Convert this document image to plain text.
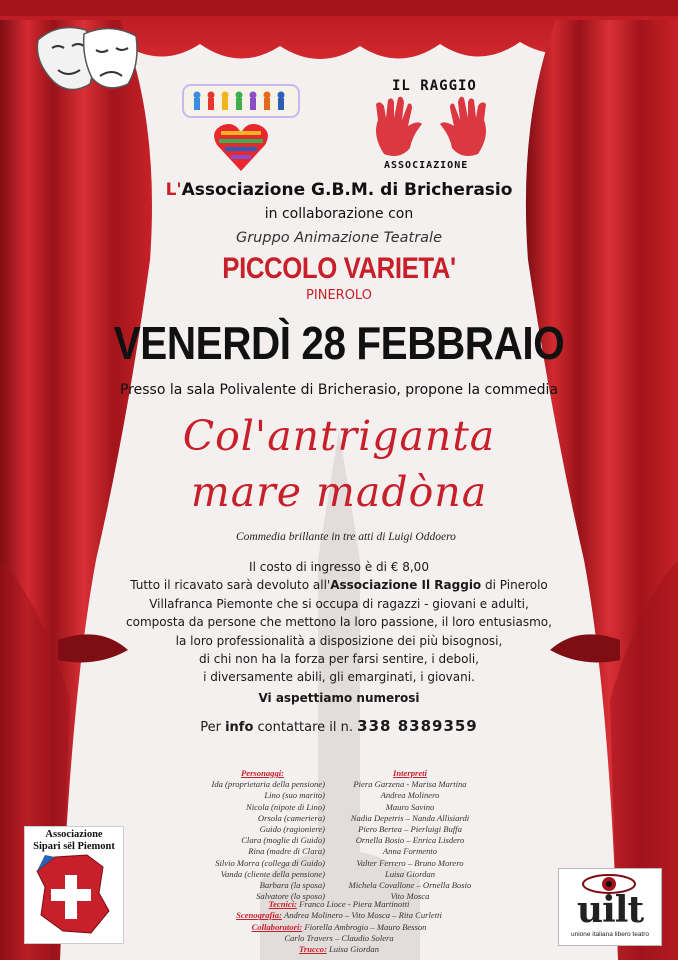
IL RAGGIO
ASSOCIAZIONE
L'Associazione G.B.M. di Bricherasio
in collaborazione con
Gruppo Animazione Teatrale
PICCOLO VARIETA'
PINEROLO
VENERDÌ 28 FEBBRAIO
Presso la sala Polivalente di Bricherasio, propone la commedia
Col'antriganta
mare madòna
Commedia brillante in tre atti di Luigi Oddoero
Il costo di ingresso è di € 8,00
Tutto il ricavato sarà devoluto all'Associazione Il Raggio di Pinerolo
Villafranca Piemonte che si occupa di ragazzi - giovani e adulti,
composta da persone che mettono la loro passione, il loro entusiasmo,
la loro professionalità a disposizione dei più bisognosi,
di chi non ha la forza per farsi sentire, i deboli,
i diversamente abili, gli emarginati, i giovani.
Vi aspettiamo numerosi
Per info contattare il n. 338 8389359
Personaggi:
Ida (proprietaria della pensione)
Lino (suo marito)
Nicola (nipote di Lino)
Orsola (cameriera)
Guido (ragioniere)
Clara (moglie di Guido)
Rina (madre di Clara)
Silvio Morra (collega di Guido)
Vanda (cliente della pensione)
Barbara (la sposa)
Salvatore (lo sposo)
Interpreti
Piera Garzena - Marisa Martina
Andrea Molinero
Mauro Savino
Nadia Depetris – Nanda Allisiardi
Piero Bertea – Pierluigi Buffa
Ornella Bosio – Enrica Lisdero
Anna Formento
Valter Ferrero – Bruno Morero
Luisa Giordan
Michela Covallone – Ornella Bosio
Vito Mosca
Tecnici: Franco Lioce - Piera Martinotti
Scenografia: Andrea Molinero – Vito Mosca – Rita Curletti
Collaboratori: Fiorella Ambrogio – Mauro Besson
Carlo Travers – Claudio Solera
Trucco: Luisa Giordan
Associazione
Sipari sël Piemont
uilt
unione italiana libero teatro
